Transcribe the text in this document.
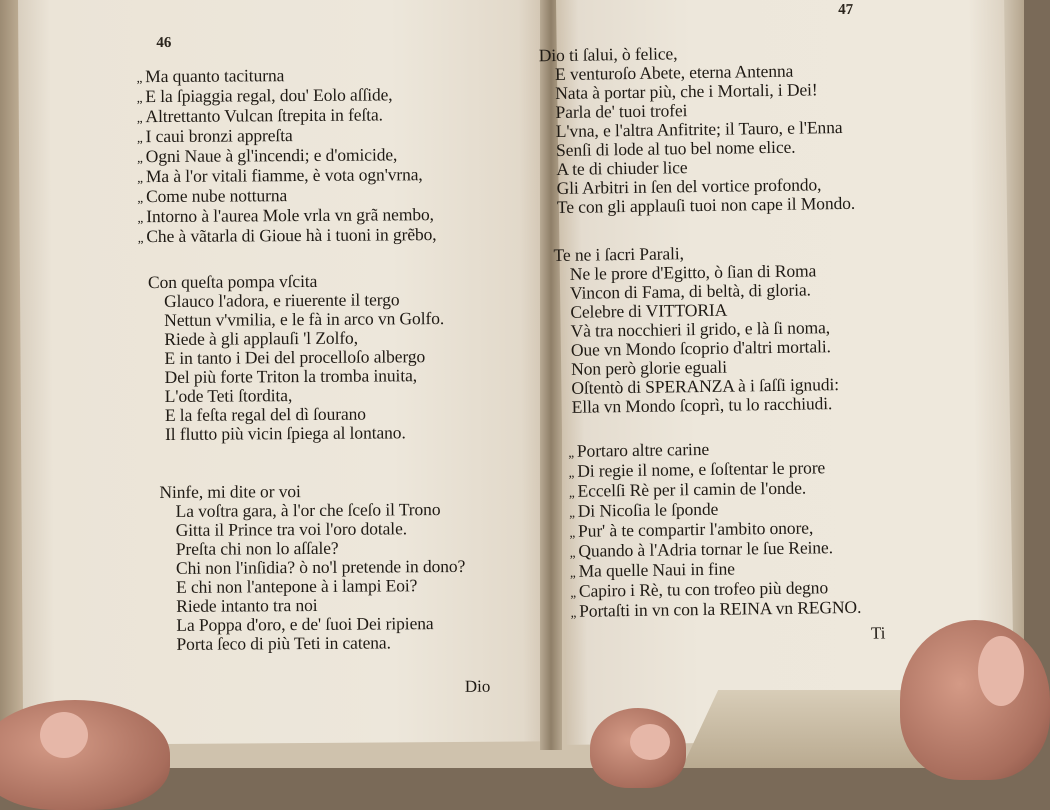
46
„ Ma quanto taciturna
„ E la ſpiaggia regal, dou' Eolo aſſide,
„ Altrettanto Vulcan ſtrepita in feſta.
„ I caui bronzi appreſta
„ Ogni Naue à gl'incendi; e d'omicide,
„ Ma à l'or vitali fiamme, è vota ogn'vrna,
„ Come nube notturna
„ Intorno à l'aurea Mole vrla vn grã nembo,
„ Che à vãtarla di Gioue hà i tuoni in grẽbo,
Con queſta pompa vſcita
Glauco l'adora, e riuerente il tergo
Nettun v'vmilia, e le fà in arco vn Golfo.
Riede à gli applauſi 'l Zolfo,
E in tanto i Dei del procelloſo albergo
Del più forte Triton la tromba inuita,
L'ode Teti ſtordita,
E la feſta regal del dì ſourano
Il flutto più vicin ſpiega al lontano.
Ninfe, mi dite or voi
La voſtra gara, à l'or che ſceſo il Trono
Gitta il Prince tra voi l'oro dotale.
Preſta chi non lo aſſale?
Chi non l'inſidia? ò no'l pretende in dono?
E chi non l'antepone à i lampi Eoi?
Riede intanto tra noi
La Poppa d'oro, e de' ſuoi Dei ripiena
Porta ſeco di più Teti in catena.
Dio
47
Dio ti ſalui, ò felice,
E venturoſo Abete, eterna Antenna
Nata à portar più, che i Mortali, i Dei!
Parla de' tuoi trofei
L'vna, e l'altra Anfitrite; il Tauro, e l'Enna
Senſi di lode al tuo bel nome elice.
A te di chiuder lice
Gli Arbitri in ſen del vortice profondo,
Te con gli applauſi tuoi non cape il Mondo.
Te ne i ſacri Parali,
Ne le prore d'Egitto, ò ſian di Roma
Vincon di Fama, di beltà, di gloria.
Celebre di VITTORIA
Và tra nocchieri il grido, e là ſi noma,
Oue vn Mondo ſcoprio d'altri mortali.
Non però glorie eguali
Oſtentò di SPERANZA à i ſaſſi ignudi:
Ella vn Mondo ſcoprì, tu lo racchiudi.
„ Portaro altre carine
„ Di regie il nome, e ſoſtentar le prore
„ Eccelſi Rè per il camin de l'onde.
„ Di Nicoſia le ſponde
„ Pur' à te compartir l'ambito onore,
„ Quando à l'Adria tornar le ſue Reine.
„ Ma quelle Naui in fine
„ Capiro i Rè, tu con trofeo più degno
„ Portaſti in vn con la REINA vn REGNO.
Ti
